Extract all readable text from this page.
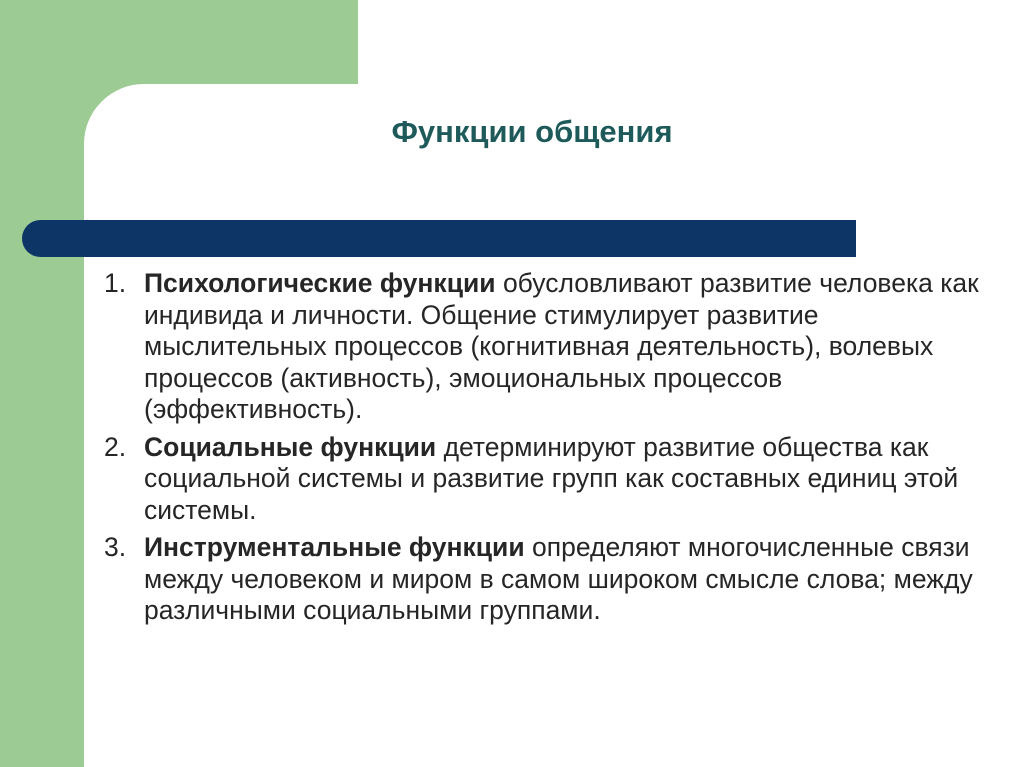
Функции общения
1. Психологические функции обусловливают развитие человека как индивида и личности. Общение стимулирует развитие мыслительных процессов (когнитивная деятельность), волевых процессов (активность), эмоциональных процессов (эффективность).
2. Социальные функции детерминируют развитие общества как социальной системы и развитие групп как составных единиц этой системы.
3. Инструментальные функции определяют многочисленные связи между человеком и миром в самом широком смысле слова; между различными социальными группами.
